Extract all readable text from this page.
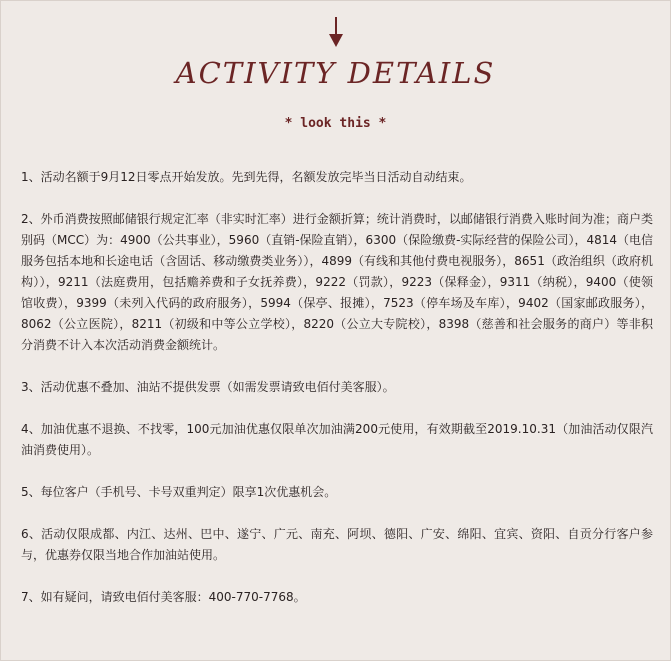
ACTIVITY DETAILS
* look this *

1、活动名额于9月12日零点开始发放。先到先得，名额发放完毕当日活动自动结束。

2、外币消费按照邮储银行规定汇率（非实时汇率）进行金额折算；统计消费时，以邮储银行消费入账时间为准；商户类别码（MCC）为：4900（公共事业），5960（直销-保险直销），6300（保险缴费-实际经营的保险公司），4814（电信服务包括本地和长途电话（含固话、移动缴费类业务）），4899（有线和其他付费电视服务），8651（政治组织（政府机构）），9211（法庭费用，包括赡养费和子女抚养费），9222（罚款），9223（保释金），9311（纳税），9400（使领馆收费），9399（未列入代码的政府服务），5994（保亭、报摊），7523（停车场及车库），9402（国家邮政服务），8062（公立医院），8211（初级和中等公立学校），8220（公立大专院校），8398（慈善和社会服务的商户）等非积分消费不计入本次活动消费金额统计。

3、活动优惠不叠加、油站不提供发票（如需发票请致电佰付美客服）。

4、加油优惠不退换、不找零，100元加油优惠仅限单次加油满200元使用，有效期截至2019.10.31（加油活动仅限汽油消费使用）。

5、每位客户（手机号、卡号双重判定）限享1次优惠机会。

6、活动仅限成都、内江、达州、巴中、遂宁、广元、南充、阿坝、德阳、广安、绵阳、宜宾、资阳、自贡分行客户参与，优惠券仅限当地合作加油站使用。

7、如有疑问，请致电佰付美客服：400-770-7768。
